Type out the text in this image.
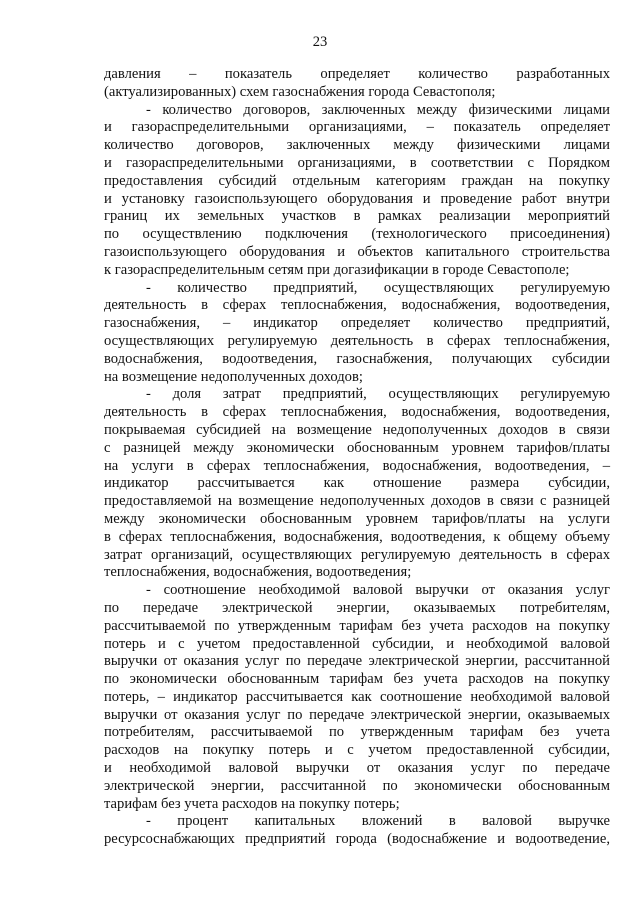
23
давления – показатель определяет количество разработанных
(актуализированных) схем газоснабжения города Севастополя;
- количество договоров, заключенных между физическими лицами
и газораспределительными организациями, – показатель определяет
количество договоров, заключенных между физическими лицами
и газораспределительными организациями, в соответствии с Порядком
предоставления субсидий отдельным категориям граждан на покупку
и установку газоиспользующего оборудования и проведение работ внутри
границ их земельных участков в рамках реализации мероприятий
по осуществлению подключения (технологического присоединения)
газоиспользующего оборудования и объектов капитального строительства
к газораспределительным сетям при догазификации в городе Севастополе;
- количество предприятий, осуществляющих регулируемую
деятельность в сферах теплоснабжения, водоснабжения, водоотведения,
газоснабжения, – индикатор определяет количество предприятий,
осуществляющих регулируемую деятельность в сферах теплоснабжения,
водоснабжения, водоотведения, газоснабжения, получающих субсидии
на возмещение недополученных доходов;
- доля затрат предприятий, осуществляющих регулируемую
деятельность в сферах теплоснабжения, водоснабжения, водоотведения,
покрываемая субсидией на возмещение недополученных доходов в связи
с разницей между экономически обоснованным уровнем тарифов/платы
на услуги в сферах теплоснабжения, водоснабжения, водоотведения, –
индикатор рассчитывается как отношение размера субсидии,
предоставляемой на возмещение недополученных доходов в связи с разницей
между экономически обоснованным уровнем тарифов/платы на услуги
в сферах теплоснабжения, водоснабжения, водоотведения, к общему объему
затрат организаций, осуществляющих регулируемую деятельность в сферах
теплоснабжения, водоснабжения, водоотведения;
- соотношение необходимой валовой выручки от оказания услуг
по передаче электрической энергии, оказываемых потребителям,
рассчитываемой по утвержденным тарифам без учета расходов на покупку
потерь и с учетом предоставленной субсидии, и необходимой валовой
выручки от оказания услуг по передаче электрической энергии, рассчитанной
по экономически обоснованным тарифам без учета расходов на покупку
потерь, – индикатор рассчитывается как соотношение необходимой валовой
выручки от оказания услуг по передаче электрической энергии, оказываемых
потребителям, рассчитываемой по утвержденным тарифам без учета
расходов на покупку потерь и с учетом предоставленной субсидии,
и необходимой валовой выручки от оказания услуг по передаче
электрической энергии, рассчитанной по экономически обоснованным
тарифам без учета расходов на покупку потерь;
- процент капитальных вложений в валовой выручке
ресурсоснабжающих предприятий города (водоснабжение и водоотведение,
